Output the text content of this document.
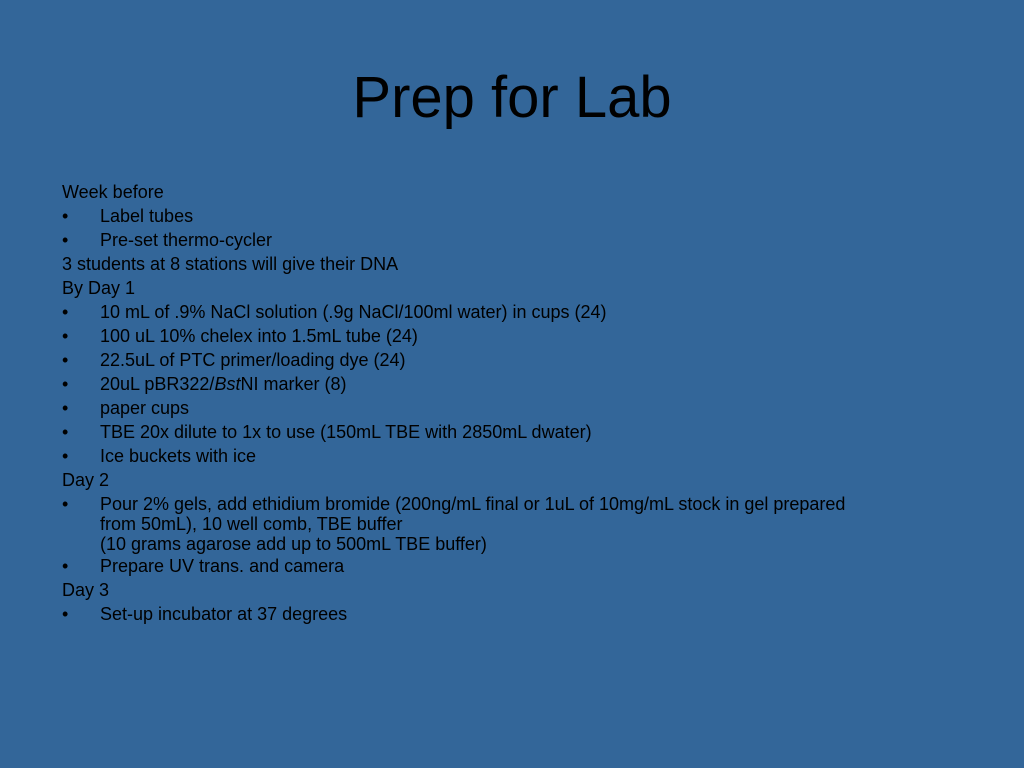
Prep for Lab
Week before
•	Label tubes
•	Pre-set thermo-cycler
3 students at 8 stations will give their DNA
By Day 1
•	10 mL of .9% NaCl solution (.9g NaCl/100ml water) in cups (24)
•	100 uL 10% chelex into 1.5mL tube (24)
•	22.5uL of PTC primer/loading dye (24)
•	20uL pBR322/BstNI marker (8)
•	paper cups
•	TBE 20x dilute to 1x to use (150mL TBE with 2850mL dwater)
•	Ice buckets with ice
Day 2
•	Pour 2% gels, add ethidium bromide (200ng/mL final or 1uL of 10mg/mL stock in gel prepared
from 50mL), 10 well comb, TBE buffer
(10 grams agarose add up to 500mL TBE buffer)
•	Prepare UV trans. and camera
Day 3
•	Set-up incubator at 37 degrees
